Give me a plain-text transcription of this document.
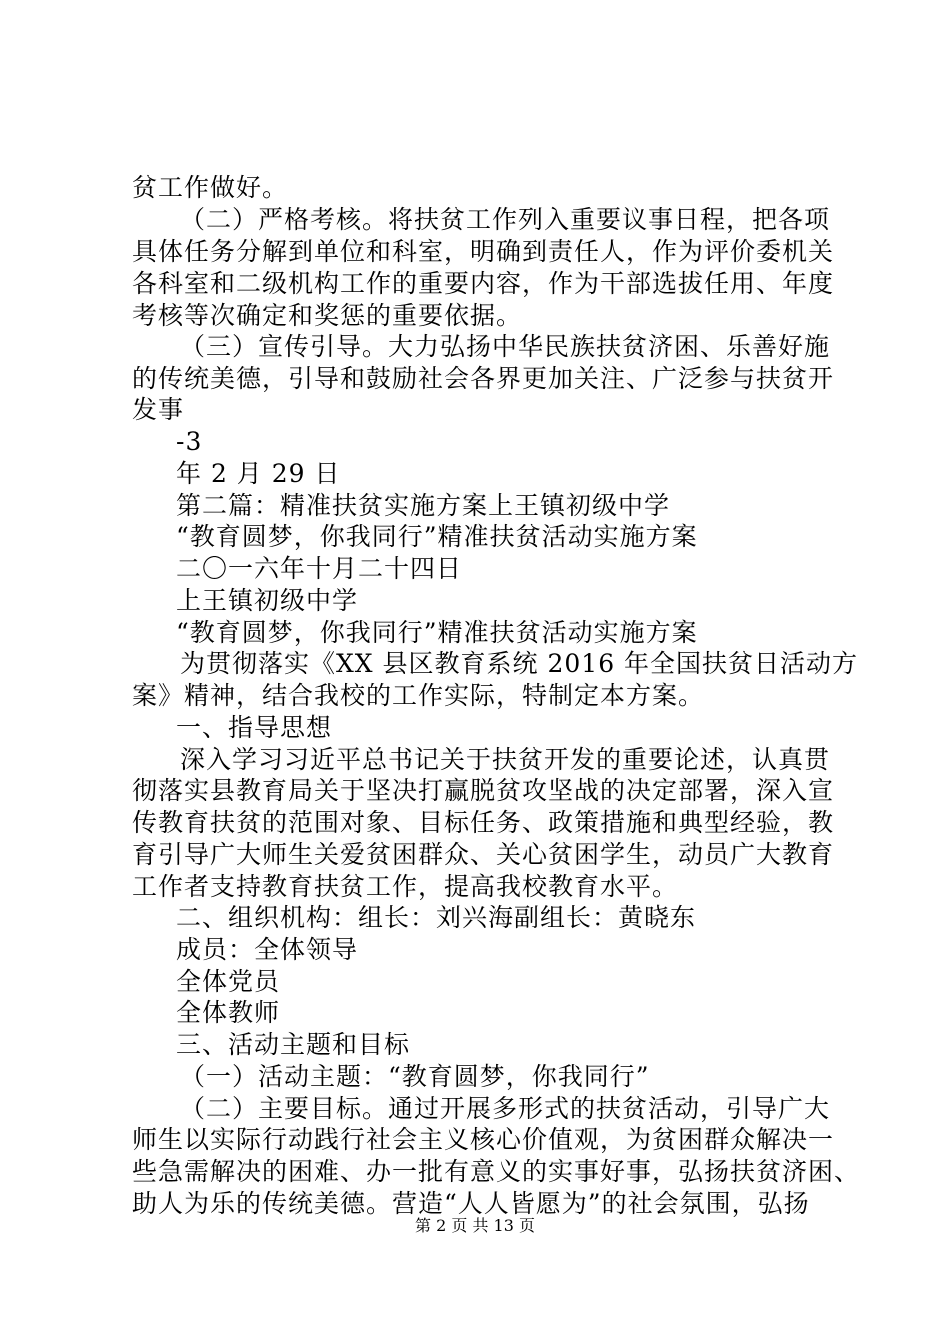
贫工作做好。
（二）严格考核。将扶贫工作列入重要议事日程，把各项
具体任务分解到单位和科室，明确到责任人，作为评价委机关
各科室和二级机构工作的重要内容，作为干部选拔任用、年度
考核等次确定和奖惩的重要依据。
（三）宣传引导。大力弘扬中华民族扶贫济困、乐善好施
的传统美德，引导和鼓励社会各界更加关注、广泛参与扶贫开
发事
-3
年 2 月 29 日
第二篇：精准扶贫实施方案上王镇初级中学
“教育圆梦，你我同行”精准扶贫活动实施方案
二〇一六年十月二十四日
上王镇初级中学
“教育圆梦，你我同行”精准扶贫活动实施方案
为贯彻落实《XX 县区教育系统 2016 年全国扶贫日活动方
案》精神，结合我校的工作实际，特制定本方案。
一、指导思想
深入学习习近平总书记关于扶贫开发的重要论述，认真贯
彻落实县教育局关于坚决打赢脱贫攻坚战的决定部署，深入宣
传教育扶贫的范围对象、目标任务、政策措施和典型经验，教
育引导广大师生关爱贫困群众、关心贫困学生，动员广大教育
工作者支持教育扶贫工作，提高我校教育水平。
二、组织机构：组长：刘兴海副组长：黄晓东
成员：全体领导
全体党员
全体教师
三、活动主题和目标
（一）活动主题：“教育圆梦，你我同行”
（二）主要目标。通过开展多形式的扶贫活动，引导广大
师生以实际行动践行社会主义核心价值观，为贫困群众解决一
些急需解决的困难、办一批有意义的实事好事，弘扬扶贫济困、
助人为乐的传统美德。营造“人人皆愿为”的社会氛围，弘扬
第 2 页 共 13 页
